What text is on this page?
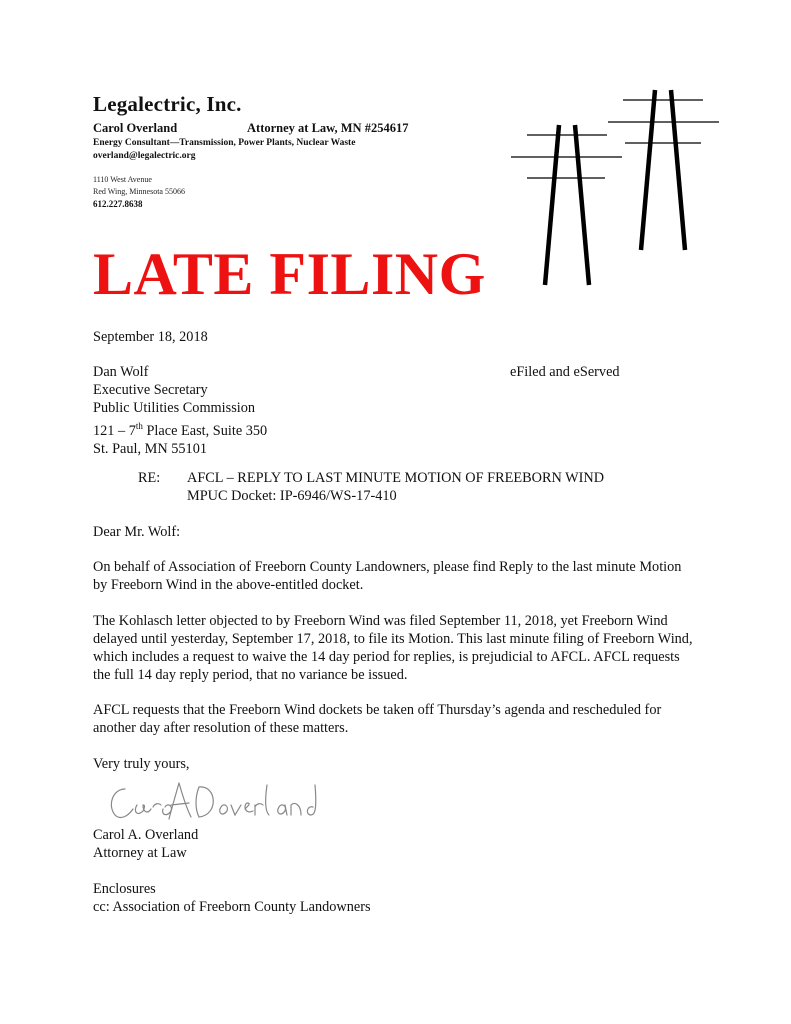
Legalectric, Inc.
Carol Overland	Attorney at Law, MN #254617
Energy Consultant—Transmission, Power Plants, Nuclear Waste
overland@legalectric.org
1110 West Avenue
Red Wing, Minnesota 55066
612.227.8638
LATE FILING
September 18, 2018
Dan Wolf
Executive Secretary
Public Utilities Commission
121 – 7th Place East, Suite 350
St. Paul, MN 55101
eFiled and eServed
RE: AFCL – REPLY TO LAST MINUTE MOTION OF FREEBORN WIND
MPUC Docket: IP-6946/WS-17-410
Dear Mr. Wolf:

On behalf of Association of Freeborn County Landowners, please find Reply to the last minute Motion by Freeborn Wind in the above-entitled docket.

The Kohlasch letter objected to by Freeborn Wind was filed September 11, 2018, yet Freeborn Wind delayed until yesterday, September 17, 2018, to file its Motion. This last minute filing of Freeborn Wind, which includes a request to waive the 14 day period for replies, is prejudicial to AFCL. AFCL requests the full 14 day reply period, that no variance be issued.

AFCL requests that the Freeborn Wind dockets be taken off Thursday’s agenda and rescheduled for another day after resolution of these matters.

Very truly yours,
Carol A Overland
Carol A. Overland
Attorney at Law
Enclosures
cc: Association of Freeborn County Landowners
